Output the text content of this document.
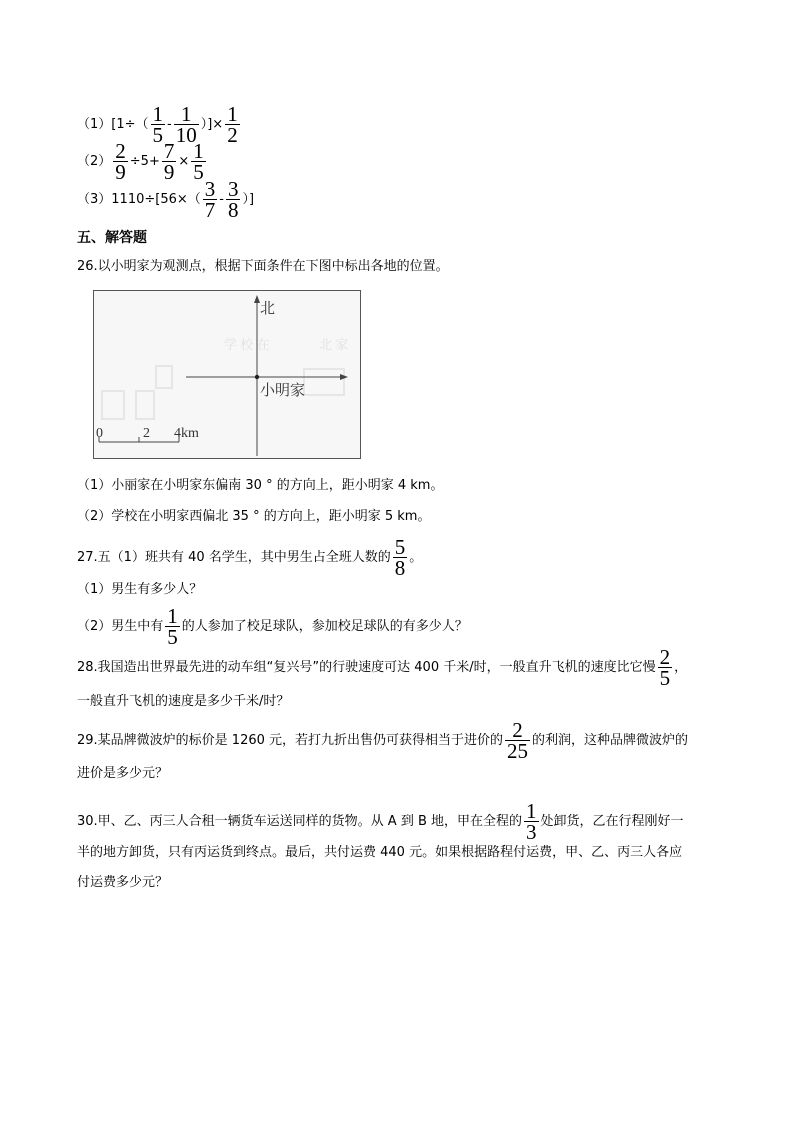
$(1)[1\div( \frac{1}{5} - \frac{1}{10}$ ）]× $\frac{1}{2}$
$(2) \frac{2}{9} \div 5+ \frac{7}{9} \times \frac{1}{5}$
$(3)1110\div[56\times( \frac{3}{7} - \frac{3}{8}$ ）]
五、解答题
26.以小明家为观测点，根据下面条件在下图中标出各地的位置。
学 校 在	北 家
北
小明家
0	2 4km
（1）小丽家在小明家东偏南 30 ° 的方向上，距小明家 4 km。
（2）学校在小明家西偏北 35 ° 的方向上，距小明家 5 km。
27.五（1）班共有 40 名学生，其中男生占全班人数的 $\frac{5}{8}$ 。
（1）男生有多少人？
（2）男生中有 $\frac{1}{5}$ 的人参加了校足球队，参加校足球队的有多少人？
28.我国造出世界最先进的动车组“复兴号”的行驶速度可达 400 千米/时，一般直升飞机的速度比它慢 $\frac{2}{5}$ ，
一般直升飞机的速度是多少千米/时？
29.某品牌微波炉的标价是 1260 元，若打九折出售仍可获得相当于进价的 $\frac{2}{25}$ 的利润，这种品牌微波炉的
进价是多少元？
30.甲、乙、丙三人合租一辆货车运送同样的货物。从 A 到 B 地，甲在全程的 $\frac{1}{3}$ 处卸货，乙在行程刚好一
半的地方卸货，只有丙运货到终点。最后，共付运费 440 元。如果根据路程付运费，甲、乙、丙三人各应
付运费多少元？
